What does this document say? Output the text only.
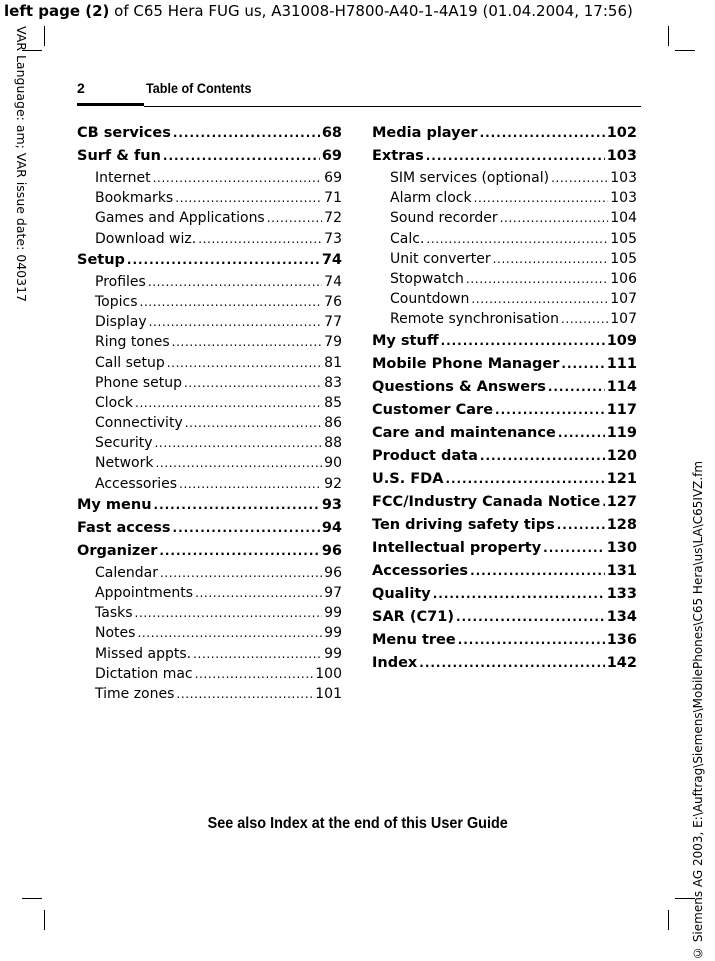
left page (2) of C65 Hera FUG us, A31008-H7800-A40-1-4A19 (01.04.2004, 17:56)
VAR Language: am; VAR issue date: 040317
© Siemens AG 2003, E:\Auftrag\Siemens\MobilePhones\C65 Hera\us\LA\C65IVZ.fm
2	Table of Contents
CB services . . .	68
Surf & fun . . .	69
Internet . . .	69
Bookmarks . . .	71
Games and Applications . . .	72
Download wiz. . . .	73
Setup . . .	74
Profiles . . .	74
Topics . . .	76
Display . . .	77
Ring tones . . .	79
Call setup . . .	81
Phone setup . . .	83
Clock . . .	85
Connectivity . . .	86
Security . . .	88
Network . . .	90
Accessories . . .	92
My menu . . .	93
Fast access . . .	94
Organizer . . .	96
Calendar . . .	96
Appointments . . .	97
Tasks . . .	99
Notes . . .	99
Missed appts. . . .	99
Dictation mac . . .	100
Time zones . . .	101
Media player . . .	102
Extras . . .	103
SIM services (optional) . . .	103
Alarm clock . . .	103
Sound recorder . . .	104
Calc. . . .	105
Unit converter . . .	105
Stopwatch . . .	106
Countdown . . .	107
Remote synchronisation . . .	107
My stuff . . .	109
Mobile Phone Manager . . .	111
Questions & Answers . . .	114
Customer Care . . .	117
Care and maintenance . . .	119
Product data . . .	120
U.S. FDA . . .	121
FCC/Industry Canada Notice . . . 127
Ten driving safety tips . . .	128
Intellectual property . . .	130
Accessories . . .	131
Quality . . .	133
SAR (C71) . . .	134
Menu tree . . .	136
Index . . .	142
See also Index at the end of this User Guide
